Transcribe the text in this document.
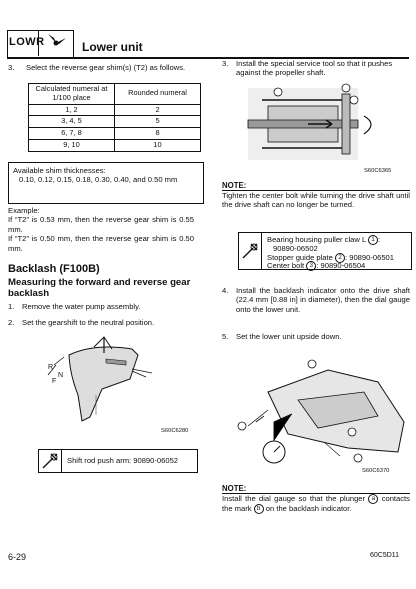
LOWR	Lower unit
3. Select the reverse gear shim(s) (T2) as follows.
Calculated numeral at 1/100 place	Rounded numeral
1, 2	2
3, 4, 5	5
6, 7, 8	8
9, 10	10
Available shim thicknesses:
0.10, 0.12, 0.15, 0.18, 0.30, 0.40, and 0.50 mm
Example:
If “T2” is 0.53 mm, then the reverse gear shim is 0.55 mm.
If “T2” is 0.50 mm, then the reverse gear shim is 0.50 mm.
Backlash (F100B)
Measuring the forward and reverse gear backlash
1. Remove the water pump assembly.
2. Set the gearshift to the neutral position.
R
N
F
S60C6280
Shift rod push arm: 90890-06052
3.	Install the special service tool so that it pushes against the propeller shaft.
S60C6365
NOTE:
Tighten the center bolt while turning the drive shaft until the drive shaft can no longer be turned.
Bearing housing puller claw L 1 :
90890-06502
Stopper guide plate 2 : 90890-06501
Center bolt 3 : 90890-06504
4.	Install the backlash indicator onto the drive shaft (22.4 mm [0.88 in] in diameter), then the dial gauge onto the lower unit.
5.	Set the lower unit upside down.
S60C6370
NOTE:
Install the dial gauge so that the plunger a contacts the mark b on the backlash indicator.
6-29	60C5D11
